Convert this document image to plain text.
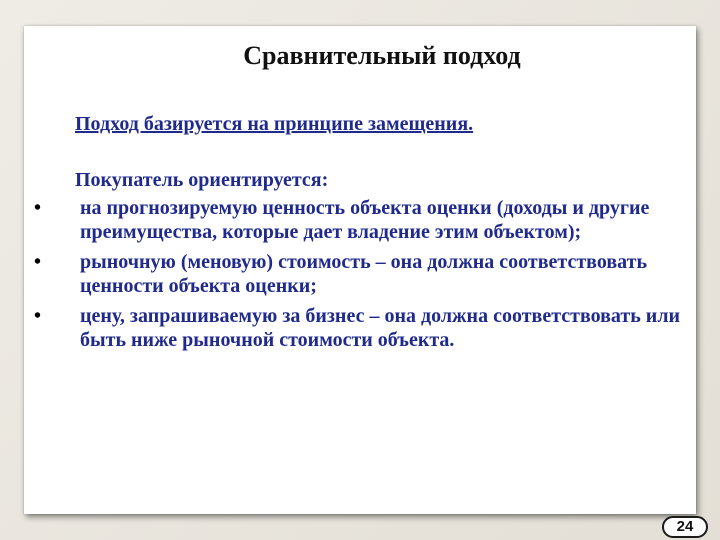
Сравнительный подход
Подход базируется на принципе замещения.
Покупатель ориентируется:
• на прогнозируемую ценность объекта оценки (доходы и другие преимущества, которые дает владение этим объектом);
• рыночную (меновую) стоимость – она должна соответствовать ценности объекта оценки;
• цену, запрашиваемую за бизнес – она должна соответствовать или быть ниже рыночной стоимости объекта.
24
